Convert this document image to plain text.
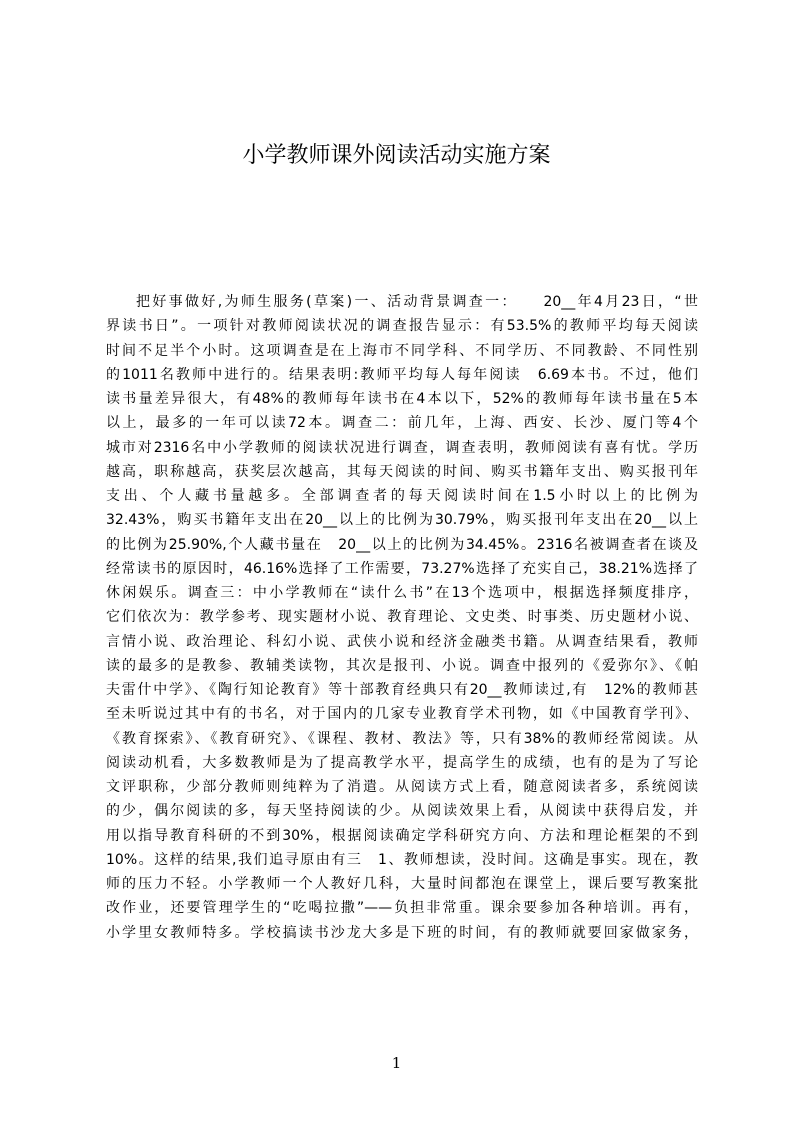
小学教师课外阅读活动实施方案
把好事做好,为师生服务(草案)一、活动背景调查一：　　20__年4月23日，“世
界读书日”。一项针对教师阅读状况的调查报告显示：有53.5%的教师平均每天阅读
时间不足半个小时。这项调查是在上海市不同学科、不同学历、不同教龄、不同性别
的1011名教师中进行的。结果表明:教师平均每人每年阅读　6.69本书。不过，他们
读书量差异很大，有48%的教师每年读书在4本以下，52%的教师每年读书量在5本
以上，最多的一年可以读72本。调查二：前几年，上海、西安、长沙、厦门等4个
城市对2316名中小学教师的阅读状况进行调查，调查表明，教师阅读有喜有忧。学历
越高，职称越高，获奖层次越高，其每天阅读的时间、购买书籍年支出、购买报刊年
支出、个人藏书量越多。全部调查者的每天阅读时间在1.5小时以上的比例为
32.43%，购买书籍年支出在20__以上的比例为30.79%，购买报刊年支出在20__以上
的比例为25.90%,个人藏书量在　20__以上的比例为34.45%。2316名被调查者在谈及
经常读书的原因时，46.16%选择了工作需要，73.27%选择了充实自己，38.21%选择了
休闲娱乐。调查三：中小学教师在“读什么书”在13个选项中，根据选择频度排序，
它们依次为：教学参考、现实题材小说、教育理论、文史类、时事类、历史题材小说、
言情小说、政治理论、科幻小说、武侠小说和经济金融类书籍。从调查结果看，教师
读的最多的是教参、教辅类读物，其次是报刊、小说。调查中报列的《爱弥尔》、《帕
夫雷什中学》、《陶行知论教育》等十部教育经典只有20__教师读过,有　12%的教师甚
至未听说过其中有的书名，对于国内的几家专业教育学术刊物，如《中国教育学刊》、
《教育探索》、《教育研究》、《课程、教材、教法》等，只有38%的教师经常阅读。从
阅读动机看，大多数教师是为了提高教学水平，提高学生的成绩，也有的是为了写论
文评职称，少部分教师则纯粹为了消遣。从阅读方式上看，随意阅读者多，系统阅读
的少，偶尔阅读的多，每天坚持阅读的少。从阅读效果上看，从阅读中获得启发，并
用以指导教育科研的不到30%，根据阅读确定学科研究方向、方法和理论框架的不到
10%。这样的结果,我们追寻原由有三　1、教师想读，没时间。这确是事实。现在，教
师的压力不轻。小学教师一个人教好几科，大量时间都泡在课堂上，课后要写教案批
改作业，还要管理学生的“吃喝拉撒”——负担非常重。课余要参加各种培训。再有，
小学里女教师特多。学校搞读书沙龙大多是下班的时间，有的教师就要回家做家务，
1
